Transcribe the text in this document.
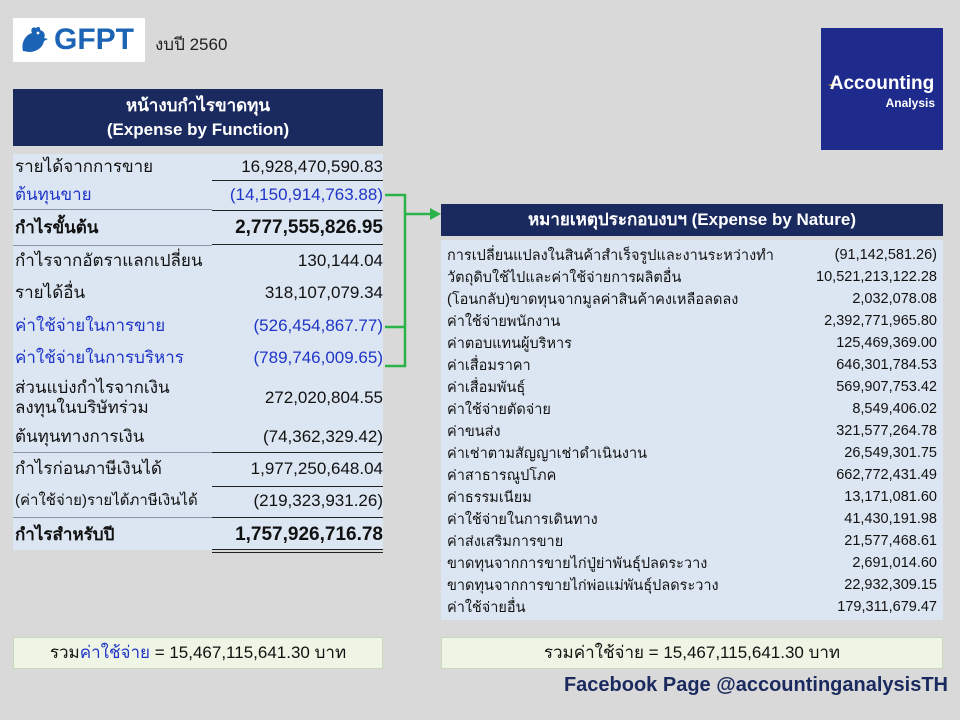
GFPT งบปี 2560
Accounting
Analysis
หน้างบกำไรขาดทุน
(Expense by Function)
รายได้จากการขาย	16,928,470,590.83
ต้นทุนขาย	(14,150,914,763.88)
กำไรขั้นต้น	2,777,555,826.95
กำไรจากอัตราแลกเปลี่ยน	130,144.04
รายได้อื่น	318,107,079.34
ค่าใช้จ่ายในการขาย	(526,454,867.77)
ค่าใช้จ่ายในการบริหาร	(789,746,009.65)
ส่วนแบ่งกำไรจากเงินลงทุนในบริษัทร่วม
272,020,804.55
ต้นทุนทางการเงิน	(74,362,329.42)
กำไรก่อนภาษีเงินได้	1,977,250,648.04
(ค่าใช้จ่าย)รายได้ภาษีเงินได้	(219,323,931.26)
กำไรสำหรับปี	1,757,926,716.78
หมายเหตุประกอบงบฯ (Expense by Nature)
การเปลี่ยนแปลงในสินค้าสำเร็จรูปและงานระหว่างทำ	(91,142,581.26)
วัตถุดิบใช้ไปและค่าใช้จ่ายการผลิตอื่น	10,521,213,122.28
(โอนกลับ)ขาดทุนจากมูลค่าสินค้าคงเหลือลดลง	2,032,078.08
ค่าใช้จ่ายพนักงาน	2,392,771,965.80
ค่าตอบแทนผู้บริหาร	125,469,369.00
ค่าเสื่อมราคา	646,301,784.53
ค่าเสื่อมพันธุ์	569,907,753.42
ค่าใช้จ่ายตัดจ่าย	8,549,406.02
ค่าขนส่ง	321,577,264.78
ค่าเช่าตามสัญญาเช่าดำเนินงาน	26,549,301.75
ค่าสาธารณูปโภค	662,772,431.49
ค่าธรรมเนียม	13,171,081.60
ค่าใช้จ่ายในการเดินทาง	41,430,191.98
ค่าส่งเสริมการขาย	21,577,468.61
ขาดทุนจากการขายไก่ปู่ย่าพันธุ์ปลดระวาง	2,691,014.60
ขาดทุนจากการขายไก่พ่อแม่พันธุ์ปลดระวาง	22,932,309.15
ค่าใช้จ่ายอื่น	179,311,679.47
รวมค่าใช้จ่าย = 15,467,115,641.30 บาท	รวมค่าใช้จ่าย = 15,467,115,641.30 บาท
Facebook Page @accountinganalysisTH
